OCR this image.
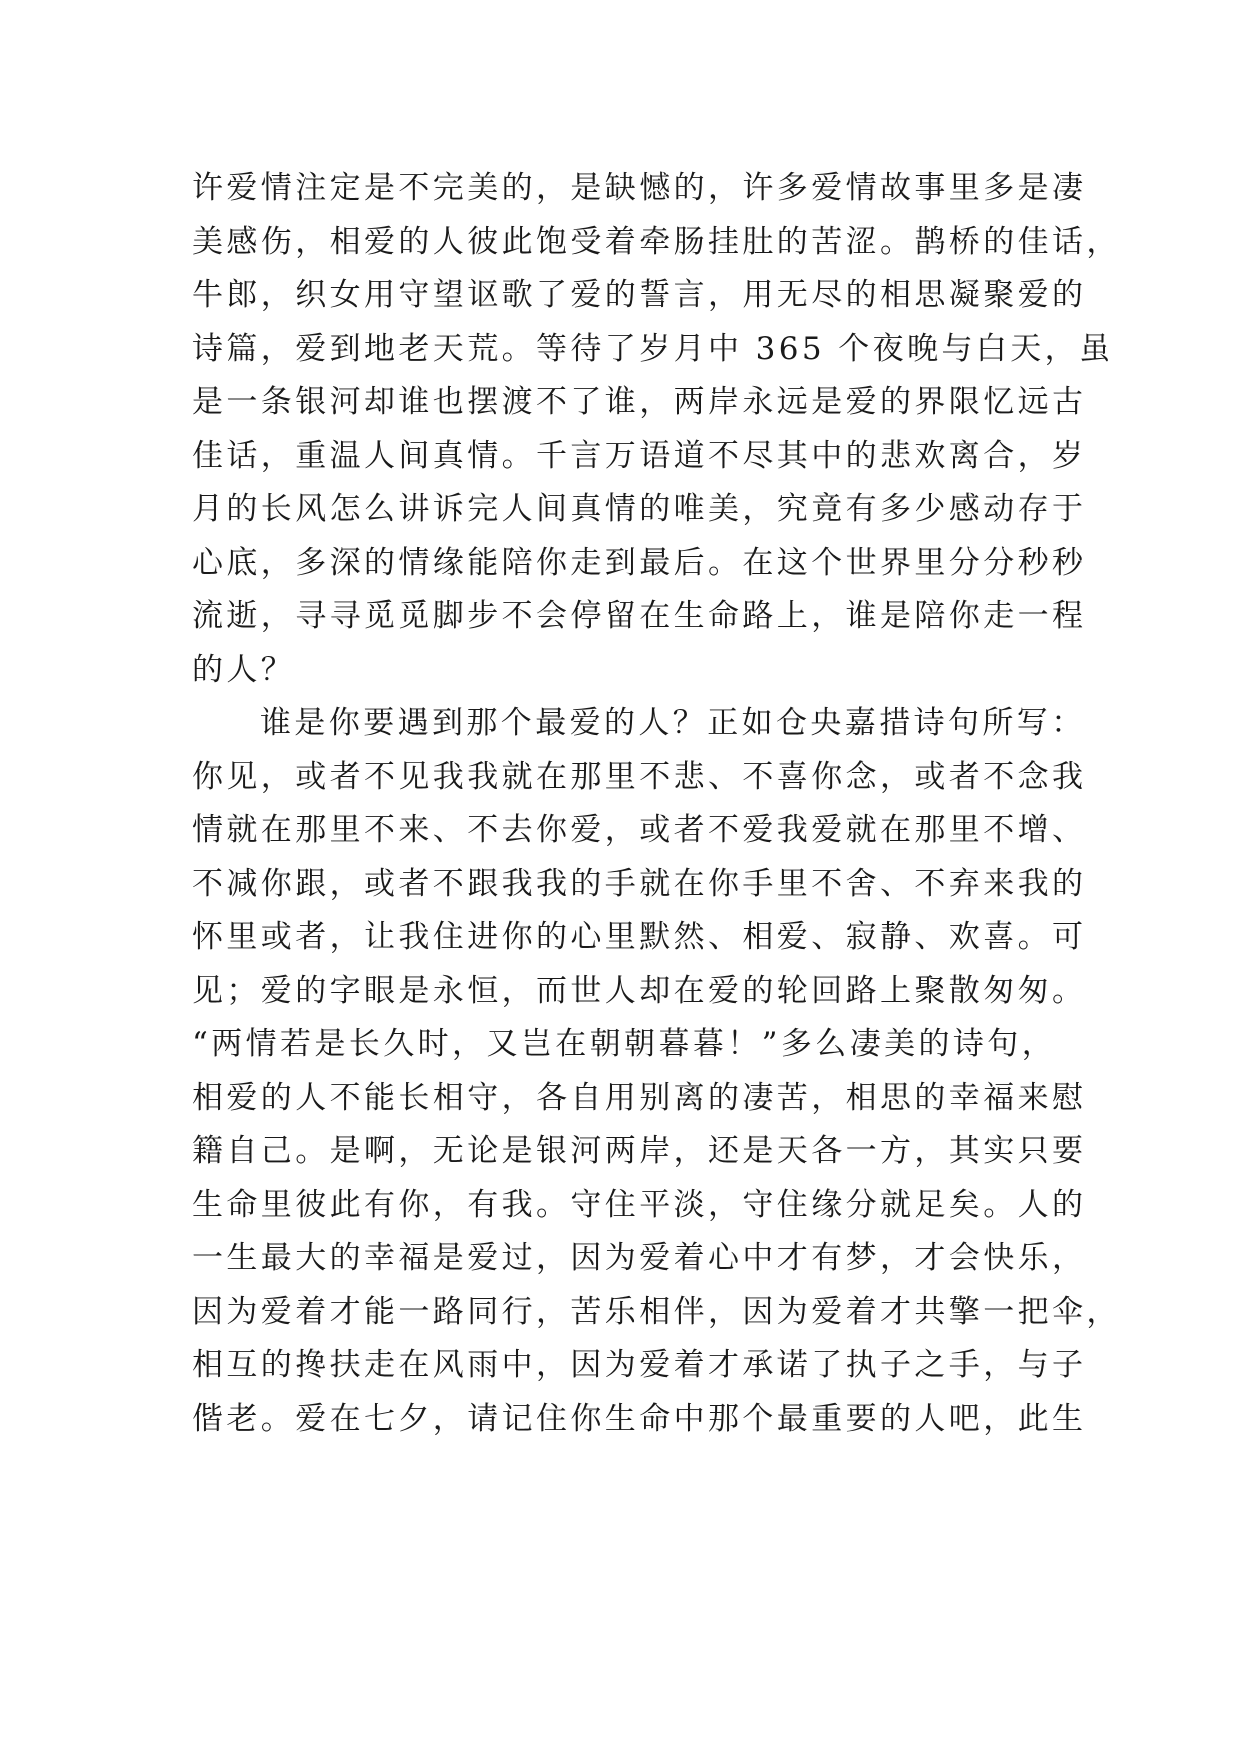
许爱情注定是不完美的，是缺憾的，许多爱情故事里多是凄
美感伤，相爱的人彼此饱受着牵肠挂肚的苦涩。鹊桥的佳话，
牛郎，织女用守望讴歌了爱的誓言，用无尽的相思凝聚爱的
诗篇，爱到地老天荒。等待了岁月中 365 个夜晚与白天，虽
是一条银河却谁也摆渡不了谁，两岸永远是爱的界限忆远古
佳话，重温人间真情。千言万语道不尽其中的悲欢离合，岁
月的长风怎么讲诉完人间真情的唯美，究竟有多少感动存于
心底，多深的情缘能陪你走到最后。在这个世界里分分秒秒
流逝，寻寻觅觅脚步不会停留在生命路上，谁是陪你走一程
的人？
谁是你要遇到那个最爱的人？正如仓央嘉措诗句所写：
你见，或者不见我我就在那里不悲、不喜你念，或者不念我
情就在那里不来、不去你爱，或者不爱我爱就在那里不增、
不减你跟，或者不跟我我的手就在你手里不舍、不弃来我的
怀里或者，让我住进你的心里默然、相爱、寂静、欢喜。可
见；爱的字眼是永恒，而世人却在爱的轮回路上聚散匆匆。
“两情若是长久时，又岂在朝朝暮暮！”多么凄美的诗句，
相爱的人不能长相守，各自用别离的凄苦，相思的幸福来慰
籍自己。是啊，无论是银河两岸，还是天各一方，其实只要
生命里彼此有你，有我。守住平淡，守住缘分就足矣。人的
一生最大的幸福是爱过，因为爱着心中才有梦，才会快乐，
因为爱着才能一路同行，苦乐相伴，因为爱着才共擎一把伞，
相互的搀扶走在风雨中，因为爱着才承诺了执子之手，与子
偕老。爱在七夕，请记住你生命中那个最重要的人吧，此生
